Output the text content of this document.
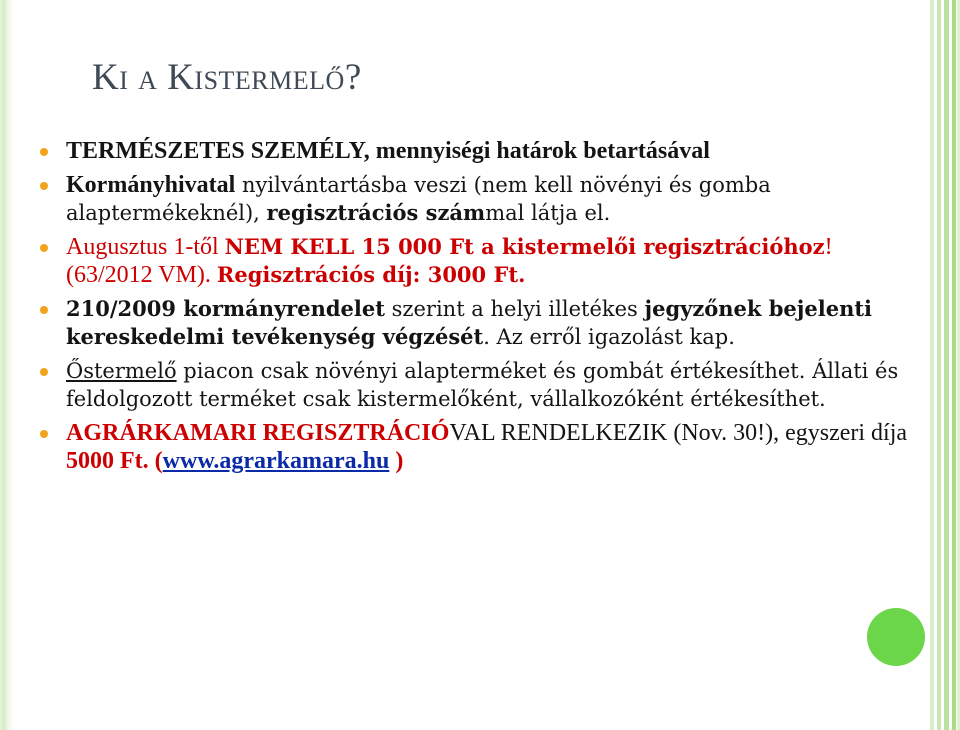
KI A KISTERMELŐ?
TERMÉSZETES SZEMÉLY, mennyiségi határok betartásával
Kormányhivatal nyilvántartásba veszi (nem kell növényi és gomba alaptermékeknél), regisztrációs számmal látja el.
Augusztus 1-től NEM KELL 15 000 Ft a kistermelői regisztrációhoz! (63/2012 VM). Regisztrációs díj: 3000 Ft.
210/2009 kormányrendelet szerint a helyi illetékes jegyzőnek bejelenti kereskedelmi tevékenység végzését. Az erről igazolást kap.
Őstermelő piacon csak növényi alapterméket és gombát értékesíthet. Állati és feldolgozott terméket csak kistermelőként, vállalkozóként értékesíthet.
AGRÁRKAMARI REGISZTRÁCIÓVAL RENDELKEZIK (Nov. 30!), egyszeri díja 5000 Ft. (www.agrarkamara.hu )
